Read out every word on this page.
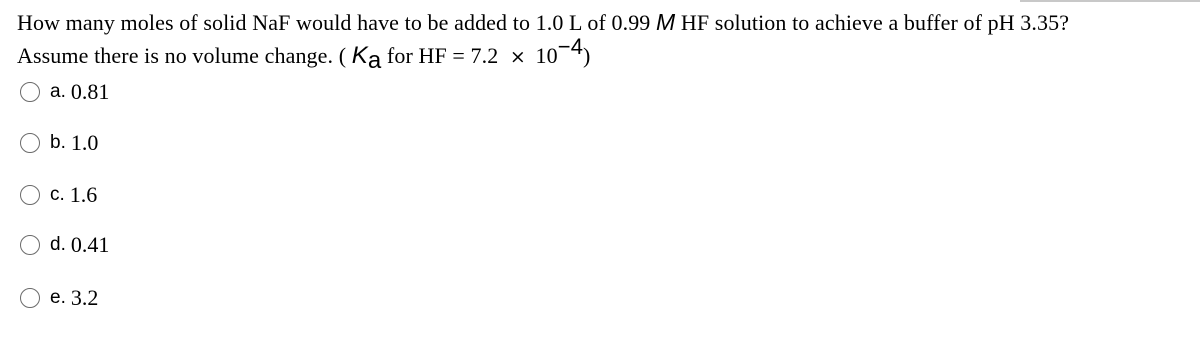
How many moles of solid NaF would have to be added to 1.0 L of 0.99 M HF solution to achieve a buffer of pH 3.35?
Assume there is no volume change. ( Ka for HF = 7.2 × 10−4)
a. 0.81
b. 1.0
c. 1.6
d. 0.41
e. 3.2
